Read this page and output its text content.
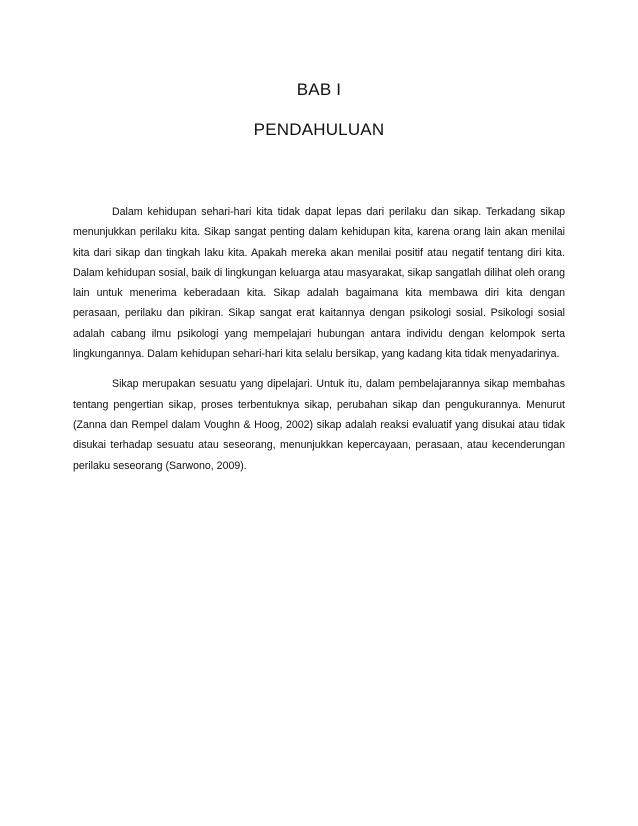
BAB I
PENDAHULUAN

Dalam kehidupan sehari-hari kita tidak dapat lepas dari perilaku dan sikap. Terkadang sikap menunjukkan perilaku kita. Sikap sangat penting dalam kehidupan kita, karena orang lain akan menilai kita dari sikap dan tingkah laku kita. Apakah mereka akan menilai positif atau negatif tentang diri kita. Dalam kehidupan sosial, baik di lingkungan keluarga atau masyarakat, sikap sangatlah dilihat oleh orang lain untuk menerima keberadaan kita. Sikap adalah bagaimana kita membawa diri kita dengan perasaan, perilaku dan pikiran. Sikap sangat erat kaitannya dengan psikologi sosial. Psikologi sosial adalah cabang ilmu psikologi yang mempelajari hubungan antara individu dengan kelompok serta lingkungannya. Dalam kehidupan sehari-hari kita selalu bersikap, yang kadang kita tidak menyadarinya.

Sikap merupakan sesuatu yang dipelajari. Untuk itu, dalam pembelajarannya sikap membahas tentang pengertian sikap, proses terbentuknya sikap, perubahan sikap dan pengukurannya. Menurut (Zanna dan Rempel dalam Voughn & Hoog, 2002) sikap adalah reaksi evaluatif yang disukai atau tidak disukai terhadap sesuatu atau seseorang, menunjukkan kepercayaan, perasaan, atau kecenderungan perilaku seseorang (Sarwono, 2009).
